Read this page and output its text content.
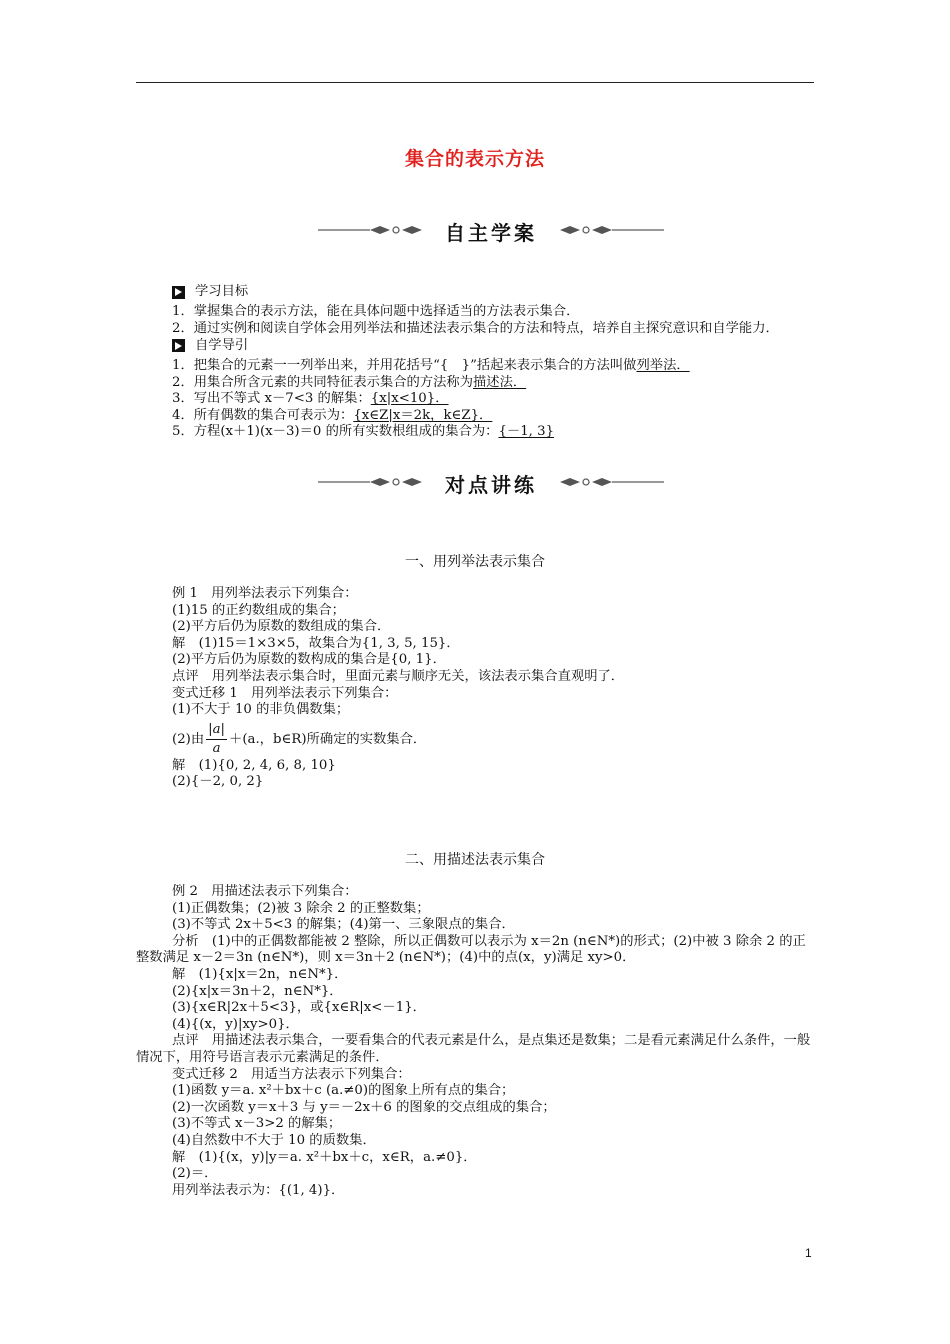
集合的表示方法
自主学案
学习目标
1．掌握集合的表示方法，能在具体问题中选择适当的方法表示集合．
2．通过实例和阅读自学体会用列举法和描述法表示集合的方法和特点，培养自主探究意识和自学能力．
自学导引
1．把集合的元素一一列举出来，并用花括号“{　}”括起来表示集合的方法叫做列举法．
2．用集合所含元素的共同特征表示集合的方法称为描述法．
3．写出不等式 x－7<3 的解集：{x|x<10}．
4．所有偶数的集合可表示为：{x∈Z|x＝2k，k∈Z}．
5．方程(x＋1)(x－3)＝0 的所有实数根组成的集合为：{－1, 3}
对点讲练
一、用列举法表示集合
例 1　用列举法表示下列集合：
(1)15 的正约数组成的集合；
(2)平方后仍为原数的数组成的集合．
解　(1)15＝1×3×5，故集合为{1, 3, 5, 15}．
(2)平方后仍为原数的数构成的集合是{0, 1}．
点评　用列举法表示集合时，里面元素与顺序无关，该法表示集合直观明了．
变式迁移 1　用列举法表示下列集合：
(1)不大于 10 的非负偶数集；
(2)由 $\frac{|a|}{a} +(a$.，b∈R)所确定的实数集合．
解　(1){0, 2, 4, 6, 8, 10}
(2){－2, 0, 2}
二、用描述法表示集合
例 2　用描述法表示下列集合：
(1)正偶数集；(2)被 3 除余 2 的正整数集；
(3)不等式 2x＋5<3 的解集；(4)第一、三象限点的集合．
分析　(1)中的正偶数都能被 2 整除，所以正偶数可以表示为 x＝2n (n∈N*)的形式；(2)中被 3 除余 2 的正整数满足 x－2＝3n (n∈N*)，则 x＝3n＋2 (n∈N*)；(4)中的点(x，y)满足 xy>0．
解　(1){x|x＝2n，n∈N*}．
(2){x|x＝3n＋2，n∈N*}．
(3){x∈R|2x＋5<3}，或{x∈R|x<－1}．
(4){(x，y)|xy>0}．
点评　用描述法表示集合，一要看集合的代表元素是什么，是点集还是数集；二是看元素满足什么条件，一般情况下，用符号语言表示元素满足的条件．
变式迁移 2　用适当方法表示下列集合：
(1)函数 y＝a. x²＋bx＋c (a.≠0)的图象上所有点的集合；
(2)一次函数 y＝x＋3 与 y＝－2x＋6 的图象的交点组成的集合；
(3)不等式 x－3>2 的解集；
(4)自然数中不大于 10 的质数集．
解　(1){(x，y)|y＝a. x²＋bx＋c，x∈R，a.≠0}．
(2)＝．
用列举法表示为：{(1, 4)}．
1
